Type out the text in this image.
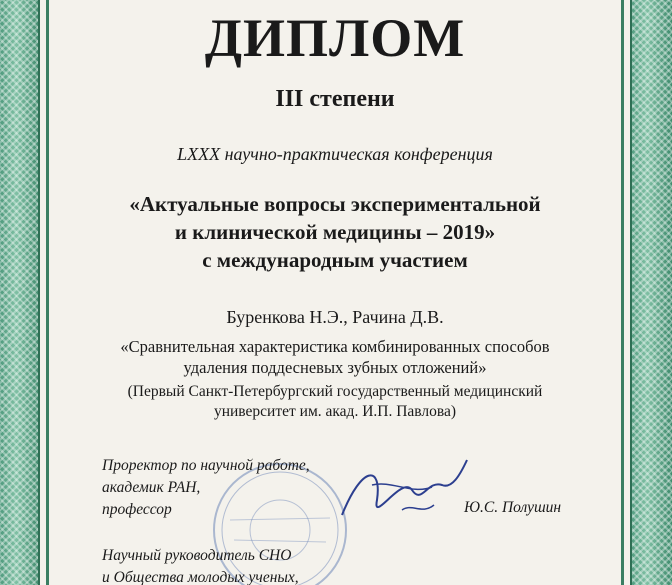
ДИПЛОМ
III степени
LXXX научно-практическая конференция
«Актуальные вопросы экспериментальной
и клинической медицины – 2019»
с международным участием
Буренкова Н.Э., Рачина Д.В.
«Сравнительная характеристика комбинированных способов
удаления поддесневых зубных отложений»
(Первый Санкт-Петербургский государственный медицинский
университет им. акад. И.П. Павлова)
Проректор по научной работе,
академик РАН,
профессор	Ю.С. Полушин
Научный руководитель СНО
и Общества молодых ученых,
